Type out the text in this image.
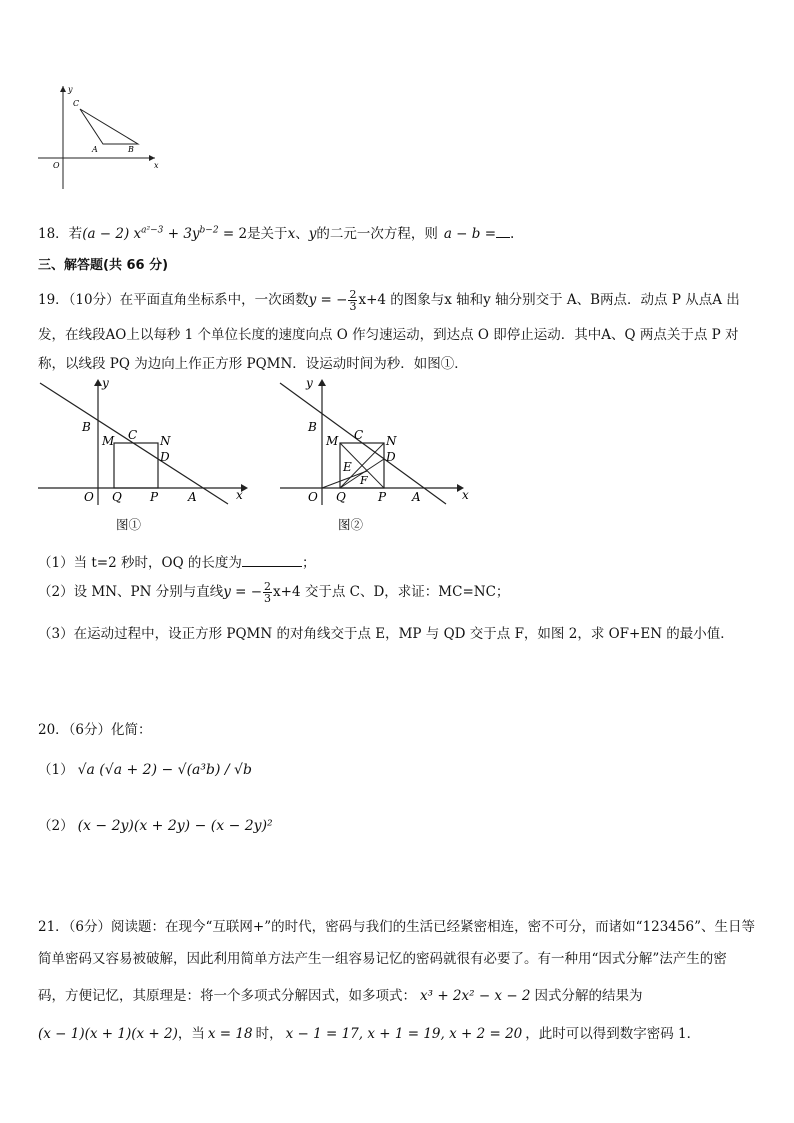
y
x
O
C
A	B
18．若(a − 2) $x^{a^2-3} + 3y^{b-2} = 2$是关于x、y的二元一次方程，则 a − b = .
三、解答题(共 66 分)
19．（10分）在平面直角坐标系中，一次函数y = − $\frac{2}{3} x+4$ 的图象与x 轴和y 轴分别交于 A、B两点．动点 P 从点A 出
发，在线段AO上以每秒 1 个单位长度的速度向点 O 作匀速运动，到达点 O 即停止运动．其中A、Q 两点关于点 P 对
称，以线段 PQ 为边向上作正方形 PQMN．设运动时间为秒．如图①．
y
x
B
M C N
D
O Q P A
图①
y
x
B
M C N
D
E
F
O Q	P A
图②
（1）当 t=2 秒时，OQ 的长度为	；
（2）设 MN、PN 分别与直线y = − $\frac{2}{3} x+4$ 交于点 C、D，求证：MC=NC；
（3）在运动过程中，设正方形 PQMN 的对角线交于点 E，MP 与 QD 交于点 F，如图 2，求 OF+EN 的最小值．
20．（6分）化简：
（1） √a (√a + 2) − √(a³b) / √b
（2） (x − 2y)(x + 2y) − (x − 2y)²
21．（6分）阅读题：在现今“互联网+”的时代，密码与我们的生活已经紧密相连，密不可分，而诸如“123456”、生日等
简单密码又容易被破解，因此利用简单方法产生一组容易记忆的密码就很有必要了。有一种用“因式分解”法产生的密
码，方便记忆，其原理是：将一个多项式分解因式，如多项式： x³ + 2x² − x − 2 因式分解的结果为
(x − 1)(x + 1)(x + 2)，当 x = 18 时， x − 1 = 17, x + 1 = 19, x + 2 = 20 ，此时可以得到数字密码 1．
